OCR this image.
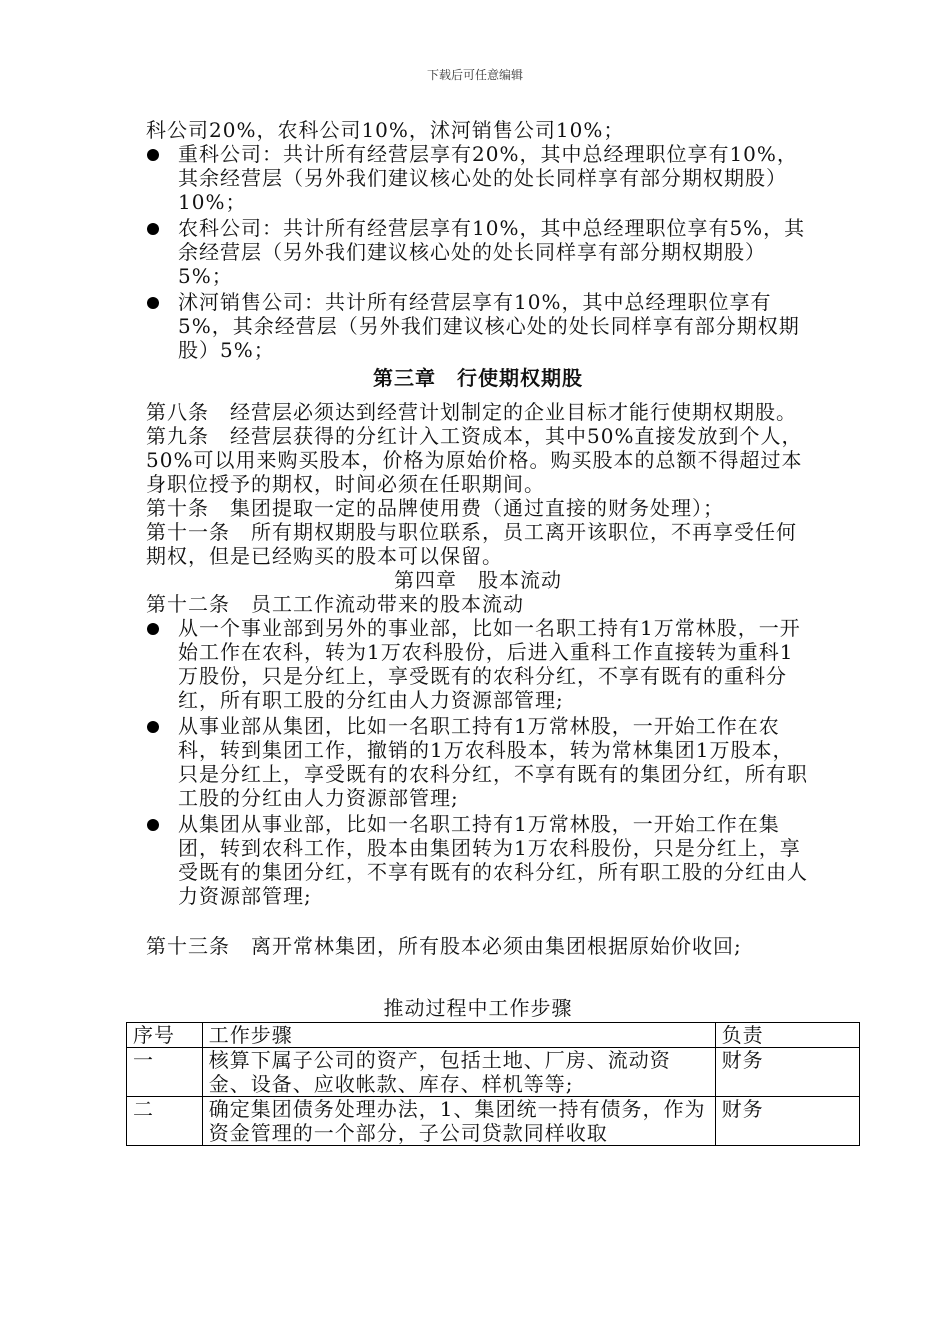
下载后可任意编辑

科公司20%，农科公司10%，沭河销售公司10%；

重科公司：共计所有经营层享有20%，其中总经理职位享有10%，其余经营层（另外我们建议核心处的处长同样享有部分期权期股）10%；
农科公司：共计所有经营层享有10%，其中总经理职位享有5%，其余经营层（另外我们建议核心处的处长同样享有部分期权期股）5%；
沭河销售公司：共计所有经营层享有10%，其中总经理职位享有5%，其余经营层（另外我们建议核心处的处长同样享有部分期权期股）5%；

第三章　行使期权期股

第八条　经营层必须达到经营计划制定的企业目标才能行使期权期股。

第九条　经营层获得的分红计入工资成本，其中50%直接发放到个人，50%可以用来购买股本，价格为原始价格。购买股本的总额不得超过本身职位授予的期权，时间必须在任职期间。

第十条　集团提取一定的品牌使用费（通过直接的财务处理）；

第十一条　所有期权期股与职位联系，员工离开该职位，不再享受任何期权，但是已经购买的股本可以保留。

第四章　股本流动

第十二条　员工工作流动带来的股本流动

从一个事业部到另外的事业部，比如一名职工持有1万常林股，一开始工作在农科，转为1万农科股份，后进入重科工作直接转为重科1万股份，只是分红上，享受既有的农科分红，不享有既有的重科分红，所有职工股的分红由人力资源部管理;
从事业部从集团，比如一名职工持有1万常林股，一开始工作在农科，转到集团工作，撤销的1万农科股本，转为常林集团1万股本，只是分红上，享受既有的农科分红，不享有既有的集团分红，所有职工股的分红由人力资源部管理;
从集团从事业部，比如一名职工持有1万常林股，一开始工作在集团，转到农科工作，股本由集团转为1万农科股份，只是分红上，享受既有的集团分红，不享有既有的农科分红，所有职工股的分红由人力资源部管理;

第十三条　离开常林集团，所有股本必须由集团根据原始价收回;

推动过程中工作步骤

序号	工作步骤	负责
一	核算下属子公司的资产，包括土地、厂房、流动资金、设备、应收帐款、库存、样机等等;	财务
二	确定集团债务处理办法，1、集团统一持有债务，作为资金管理的一个部分，子公司贷款同样收取	财务
